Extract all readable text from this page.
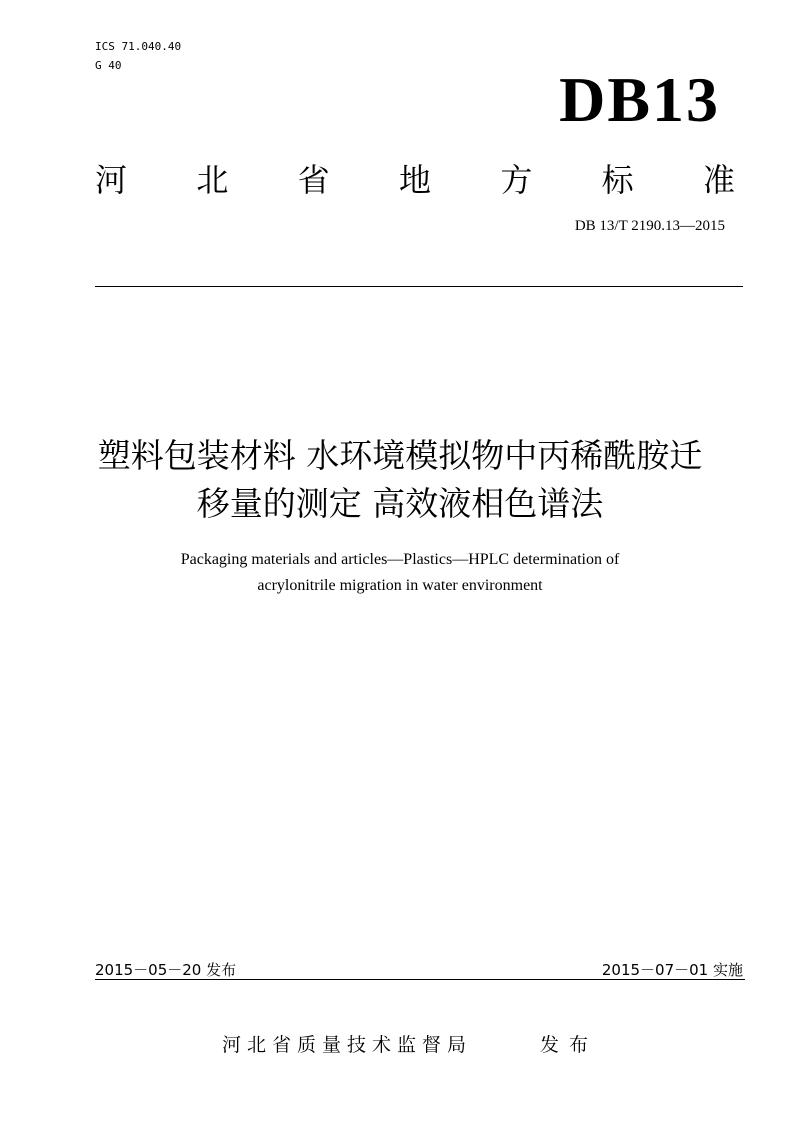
ICS 71.040.40
G 40	DB13
河 北 省 地 方 标 准
DB 13/T 2190.13—2015
塑料包装材料 水环境模拟物中丙稀酰胺迁
移量的测定 高效液相色谱法
Packaging materials and articles—Plastics—HPLC determination of
acrylonitrile migration in water environment
2015－05－20 发布	2015－07－01 实施
河北省质量技术监督局	发布
